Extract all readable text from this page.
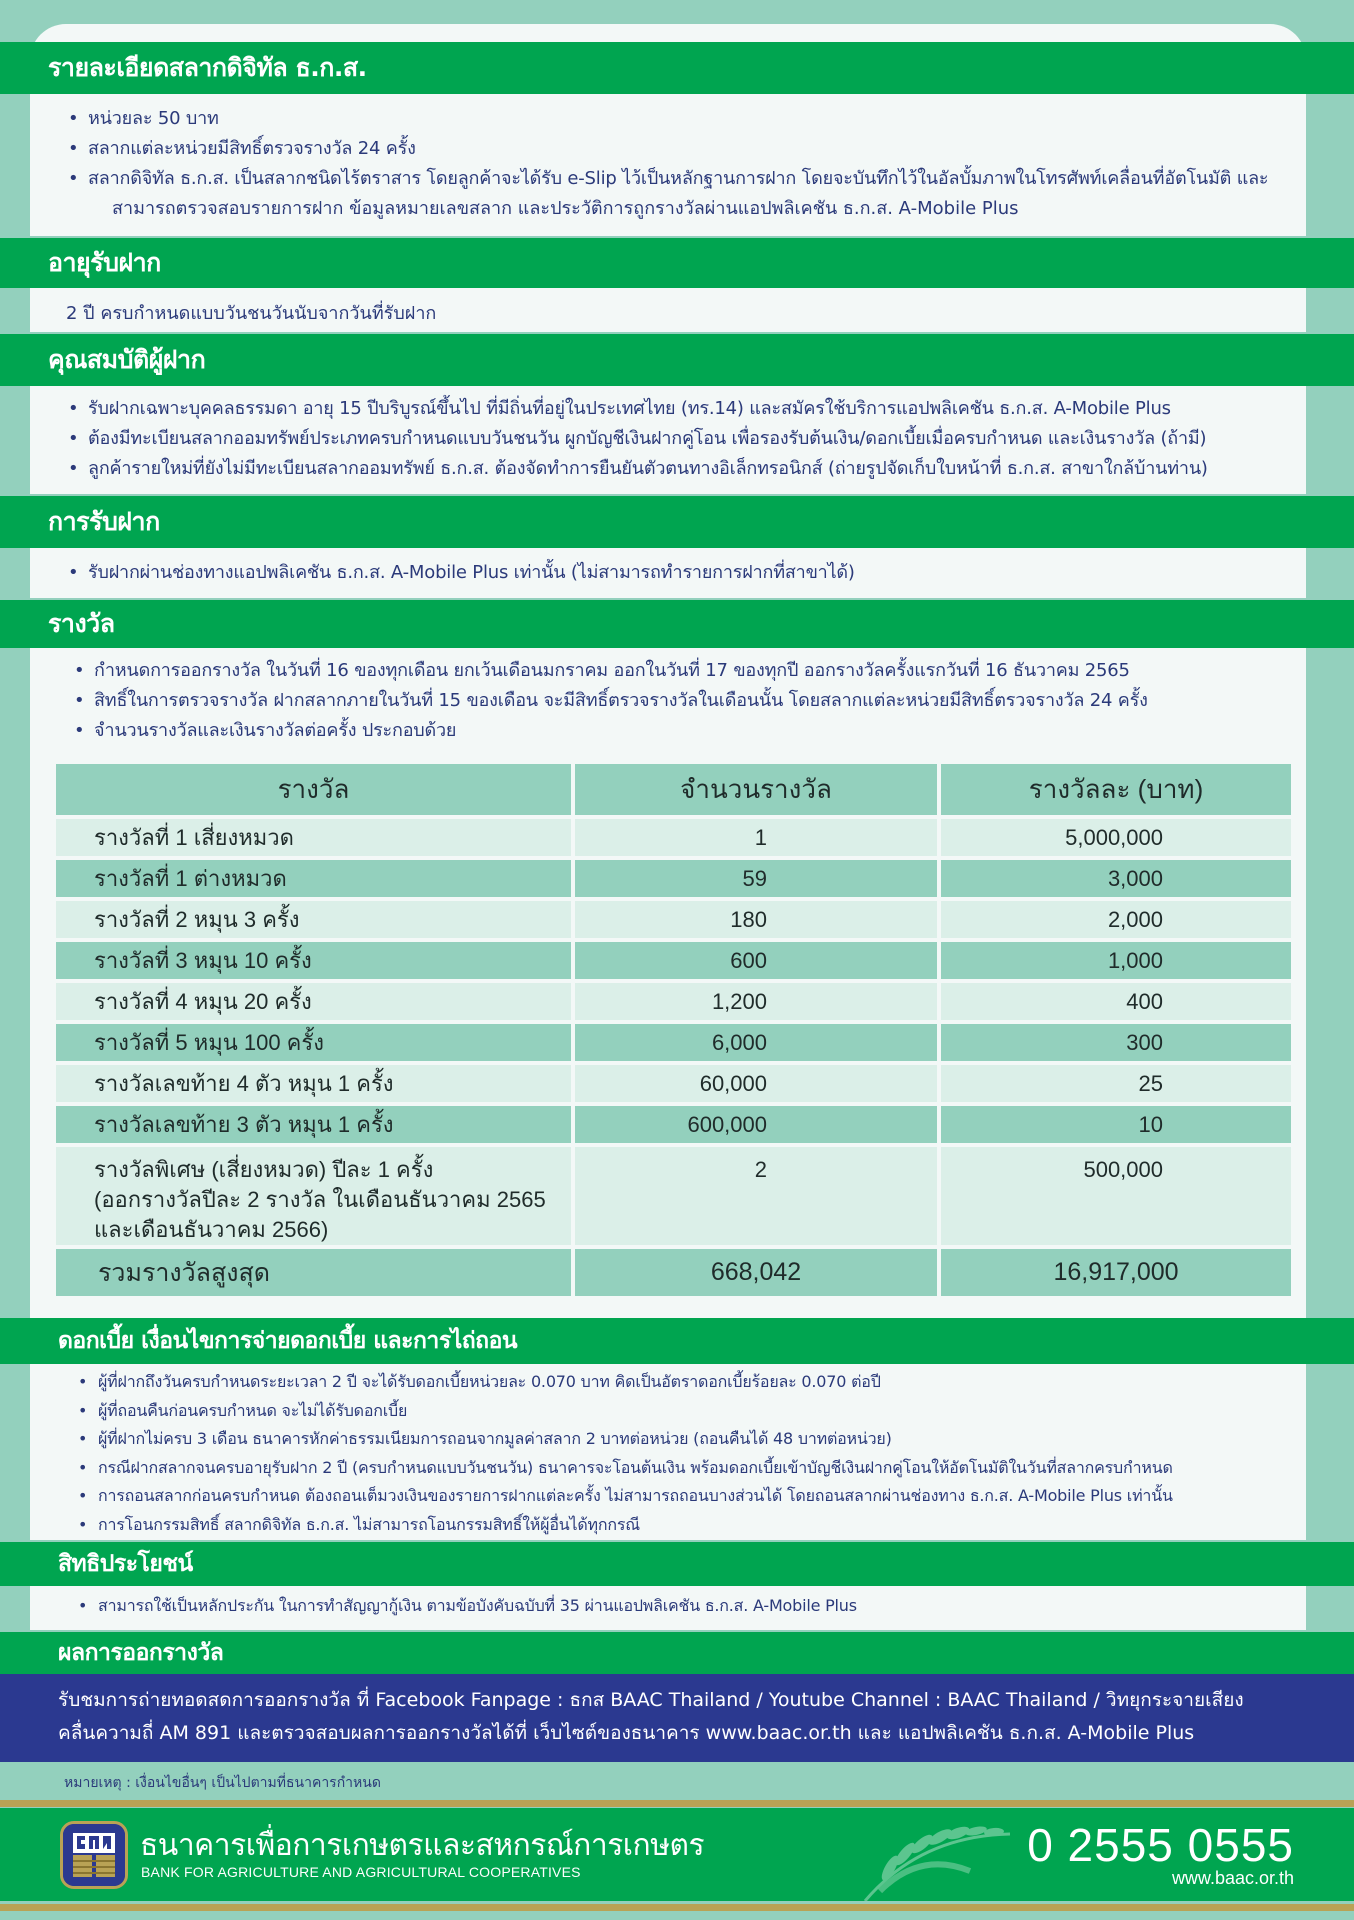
รายละเอียดสลากดิจิทัล ธ.ก.ส.
• หน่วยละ 50 บาท
• สลากแต่ละหน่วยมีสิทธิ์ตรวจรางวัล 24 ครั้ง
• สลากดิจิทัล ธ.ก.ส. เป็นสลากชนิดไร้ตราสาร โดยลูกค้าจะได้รับ e-Slip ไว้เป็นหลักฐานการฝาก โดยจะบันทึกไว้ในอัลบั้มภาพในโทรศัพท์เคลื่อนที่อัตโนมัติ และ
สามารถตรวจสอบรายการฝาก ข้อมูลหมายเลขสลาก และประวัติการถูกรางวัลผ่านแอปพลิเคชัน ธ.ก.ส. A-Mobile Plus
อายุรับฝาก
2 ปี ครบกำหนดแบบวันชนวันนับจากวันที่รับฝาก
คุณสมบัติผู้ฝาก
• รับฝากเฉพาะบุคคลธรรมดา อายุ 15 ปีบริบูรณ์ขึ้นไป ที่มีถิ่นที่อยู่ในประเทศไทย (ทร.14) และสมัครใช้บริการแอปพลิเคชัน ธ.ก.ส. A-Mobile Plus
• ต้องมีทะเบียนสลากออมทรัพย์ประเภทครบกำหนดแบบวันชนวัน ผูกบัญชีเงินฝากคู่โอน เพื่อรองรับต้นเงิน/ดอกเบี้ยเมื่อครบกำหนด และเงินรางวัล (ถ้ามี)
• ลูกค้ารายใหม่ที่ยังไม่มีทะเบียนสลากออมทรัพย์ ธ.ก.ส. ต้องจัดทำการยืนยันตัวตนทางอิเล็กทรอนิกส์ (ถ่ายรูปจัดเก็บใบหน้าที่ ธ.ก.ส. สาขาใกล้บ้านท่าน)
การรับฝาก
• รับฝากผ่านช่องทางแอปพลิเคชัน ธ.ก.ส. A-Mobile Plus เท่านั้น (ไม่สามารถทำรายการฝากที่สาขาได้)
รางวัล
• กำหนดการออกรางวัล ในวันที่ 16 ของทุกเดือน ยกเว้นเดือนมกราคม ออกในวันที่ 17 ของทุกปี ออกรางวัลครั้งแรกวันที่ 16 ธันวาคม 2565
• สิทธิ์ในการตรวจรางวัล ฝากสลากภายในวันที่ 15 ของเดือน จะมีสิทธิ์ตรวจรางวัลในเดือนนั้น โดยสลากแต่ละหน่วยมีสิทธิ์ตรวจรางวัล 24 ครั้ง
• จำนวนรางวัลและเงินรางวัลต่อครั้ง ประกอบด้วย
รางวัล	จำนวนรางวัล	รางวัลละ (บาท)
รางวัลที่ 1 เสี่ยงหมวด	1	5,000,000
รางวัลที่ 1 ต่างหมวด	59	3,000
รางวัลที่ 2 หมุน 3 ครั้ง	180	2,000
รางวัลที่ 3 หมุน 10 ครั้ง	600	1,000
รางวัลที่ 4 หมุน 20 ครั้ง	1,200	400
รางวัลที่ 5 หมุน 100 ครั้ง	6,000	300
รางวัลเลขท้าย 4 ตัว หมุน 1 ครั้ง	60,000	25
รางวัลเลขท้าย 3 ตัว หมุน 1 ครั้ง	600,000	10

รางวัลพิเศษ (เสี่ยงหมวด) ปีละ 1 ครั้ง
(ออกรางวัลปีละ 2 รางวัล ในเดือนธันวาคม 2565
และเดือนธันวาคม 2566)	2	500,000
รวมรางวัลสูงสุด	668,042	16,917,000
ดอกเบี้ย เงื่อนไขการจ่ายดอกเบี้ย และการไถ่ถอน
• ผู้ที่ฝากถึงวันครบกำหนดระยะเวลา 2 ปี จะได้รับดอกเบี้ยหน่วยละ 0.070 บาท คิดเป็นอัตราดอกเบี้ยร้อยละ 0.070 ต่อปี
• ผู้ที่ถอนคืนก่อนครบกำหนด จะไม่ได้รับดอกเบี้ย
• ผู้ที่ฝากไม่ครบ 3 เดือน ธนาคารหักค่าธรรมเนียมการถอนจากมูลค่าสลาก 2 บาทต่อหน่วย (ถอนคืนได้ 48 บาทต่อหน่วย)
• กรณีฝากสลากจนครบอายุรับฝาก 2 ปี (ครบกำหนดแบบวันชนวัน) ธนาคารจะโอนต้นเงิน พร้อมดอกเบี้ยเข้าบัญชีเงินฝากคู่โอนให้อัตโนมัติในวันที่สลากครบกำหนด
• การถอนสลากก่อนครบกำหนด ต้องถอนเต็มวงเงินของรายการฝากแต่ละครั้ง ไม่สามารถถอนบางส่วนได้ โดยถอนสลากผ่านช่องทาง ธ.ก.ส. A-Mobile Plus เท่านั้น
• การโอนกรรมสิทธิ์ สลากดิจิทัล ธ.ก.ส. ไม่สามารถโอนกรรมสิทธิ์ให้ผู้อื่นได้ทุกกรณี
สิทธิประโยชน์
• สามารถใช้เป็นหลักประกัน ในการทำสัญญากู้เงิน ตามข้อบังคับฉบับที่ 35 ผ่านแอปพลิเคชัน ธ.ก.ส. A-Mobile Plus
ผลการออกรางวัล
รับชมการถ่ายทอดสดการออกรางวัล ที่ Facebook Fanpage : ธกส BAAC Thailand / Youtube Channel : BAAC Thailand / วิทยุกระจายเสียง
คลื่นความถี่ AM 891 และตรวจสอบผลการออกรางวัลได้ที่ เว็บไซต์ของธนาคาร www.baac.or.th และ แอปพลิเคชัน ธ.ก.ส. A-Mobile Plus
หมายเหตุ : เงื่อนไขอื่นๆ เป็นไปตามที่ธนาคารกำหนด
ธนาคารเพื่อการเกษตรและสหกรณ์การเกษตร
BANK FOR AGRICULTURE AND AGRICULTURAL COOPERATIVES
0 2555 0555
www.baac.or.th
